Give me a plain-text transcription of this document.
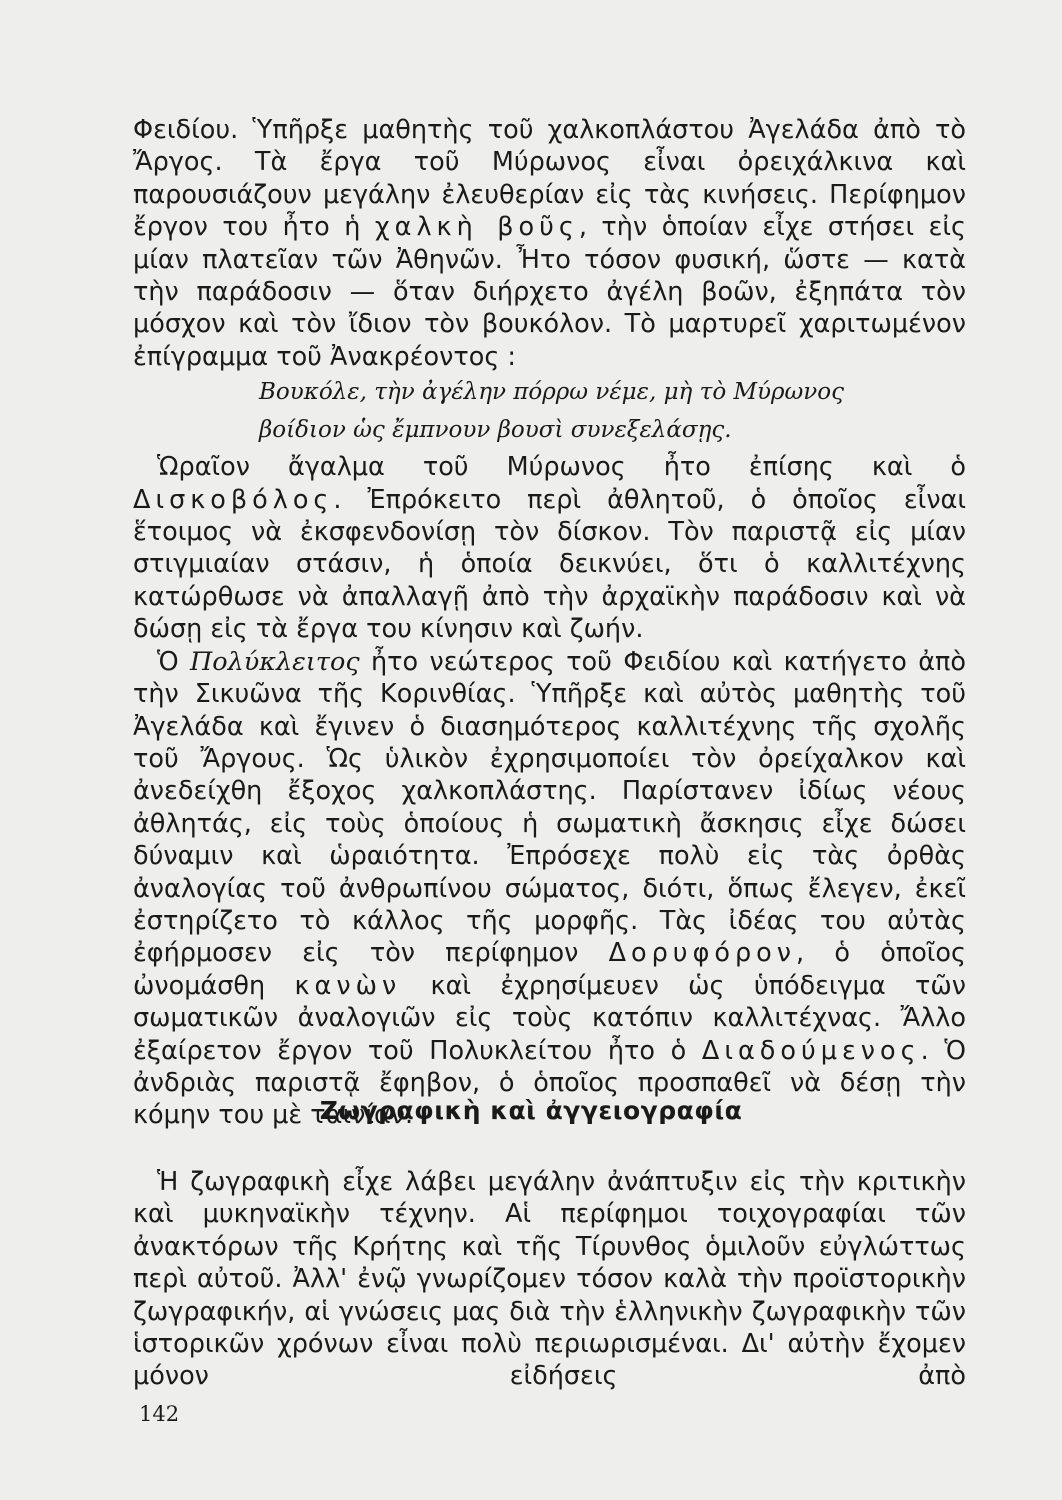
Φειδίου. Ὑπῆρξε μαθητὴς τοῦ χαλκοπλάστου Ἀγελάδα ἀπὸ τὸ Ἄργος. Τὰ ἔργα τοῦ Μύρωνος εἶναι ὀρειχάλκινα καὶ παρουσιάζουν μεγάλην ἐλευθερίαν εἰς τὰς κινήσεις. Περίφημον ἔργον του ἦτο ἡ χαλκὴ βοῦς, τὴν ὁποίαν εἶχε στήσει εἰς μίαν πλατεῖαν τῶν Ἀθηνῶν. Ἦτο τόσον φυσική, ὥστε — κατὰ τὴν παράδοσιν — ὅταν διήρχετο ἀγέλη βοῶν, ἐξηπάτα τὸν μόσχον καὶ τὸν ἴδιον τὸν βουκόλον. Τὸ μαρτυρεῖ χαριτωμένον ἐπίγραμμα τοῦ Ἀνακρέοντος :

Βουκόλε, τὴν ἀγέλην πόρρω νέμε, μὴ τὸ Μύρωνος
βοίδιον ὡς ἔμπνουν βουσὶ συνεξελάσῃς.

Ὡραῖον ἄγαλμα τοῦ Μύρωνος ἦτο ἐπίσης καὶ ὁ Δισκοβόλος. Ἐπρόκειτο περὶ ἀθλητοῦ, ὁ ὁποῖος εἶναι ἕτοιμος νὰ ἐκσφενδονίσῃ τὸν δίσκον. Τὸν παριστᾷ εἰς μίαν στιγμιαίαν στάσιν, ἡ ὁποία δεικνύει, ὅτι ὁ καλλιτέχνης κατώρθωσε νὰ ἀπαλλαγῇ ἀπὸ τὴν ἀρχαϊκὴν παράδοσιν καὶ νὰ δώσῃ εἰς τὰ ἔργα του κίνησιν καὶ ζωήν.

Ὁ Πολύκλειτος ἦτο νεώτερος τοῦ Φειδίου καὶ κατήγετο ἀπὸ τὴν Σικυῶνα τῆς Κορινθίας. Ὑπῆρξε καὶ αὐτὸς μαθητὴς τοῦ Ἀγελάδα καὶ ἔγινεν ὁ διασημότερος καλλιτέχνης τῆς σχολῆς τοῦ Ἄργους. Ὡς ὑλικὸν ἐχρησιμοποίει τὸν ὀρείχαλκον καὶ ἀνεδείχθη ἔξοχος χαλκοπλάστης. Παρίστανεν ἰδίως νέους ἀθλητάς, εἰς τοὺς ὁποίους ἡ σωματικὴ ἄσκησις εἶχε δώσει δύναμιν καὶ ὡραιότητα. Ἐπρόσεχε πολὺ εἰς τὰς ὀρθὰς ἀναλογίας τοῦ ἀνθρωπίνου σώματος, διότι, ὅπως ἔλεγεν, ἐκεῖ ἐστηρίζετο τὸ κάλλος τῆς μορφῆς. Τὰς ἰδέας του αὐτὰς ἐφήρμοσεν εἰς τὸν περίφημον Δορυφόρον, ὁ ὁποῖος ὠνομάσθη κανὼν καὶ ἐχρησίμευεν ὡς ὑπόδειγμα τῶν σωματικῶν ἀναλογιῶν εἰς τοὺς κατόπιν καλλιτέχνας. Ἄλλο ἐξαίρετον ἔργον τοῦ Πολυκλείτου ἦτο ὁ Διαδούμενος. Ὁ ἀνδριὰς παριστᾷ ἔφηβον, ὁ ὁποῖος προσπαθεῖ νὰ δέσῃ τὴν κόμην του μὲ ταινίαν.

Ζωγραφικὴ καὶ ἀγγειογραφία

Ἡ ζωγραφικὴ εἶχε λάβει μεγάλην ἀνάπτυξιν εἰς τὴν κριτικὴν καὶ μυκηναϊκὴν τέχνην. Αἱ περίφημοι τοιχογραφίαι τῶν ἀνακτόρων τῆς Κρήτης καὶ τῆς Τίρυνθος ὁμιλοῦν εὐγλώττως περὶ αὐτοῦ. Ἀλλ' ἐνῷ γνωρίζομεν τόσον καλὰ τὴν προϊστορικὴν ζωγραφικήν, αἱ γνώσεις μας διὰ τὴν ἑλληνικὴν ζωγραφικὴν τῶν ἱστορικῶν χρόνων εἶναι πολὺ περιωρισμέναι. Δι' αὐτὴν ἔχομεν μόνον εἰδήσεις ἀπὸ

142
